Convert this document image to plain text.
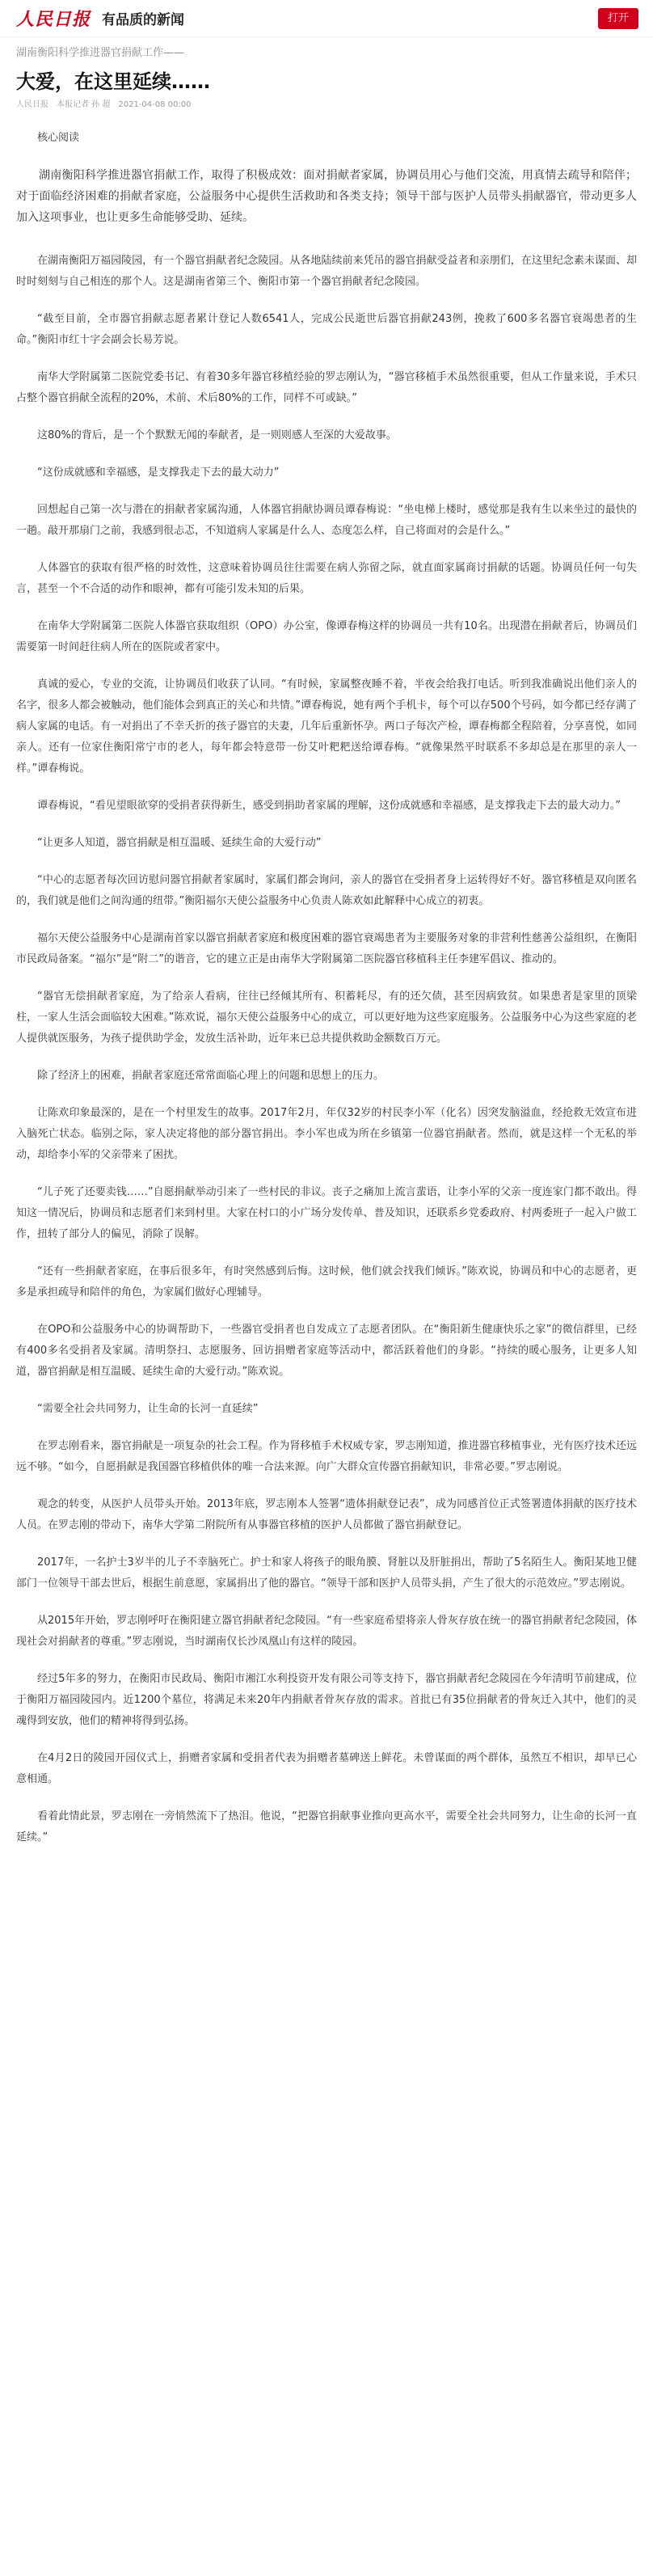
人民日报 有品质的新闻	打开
湖南衡阳科学推进器官捐献工作——
大爱，在这里延续……
人民日报 本报记者 孙 超 2021-04-08 00:00

核心阅读

湖南衡阳科学推进器官捐献工作，取得了积极成效：面对捐献者家属，协调员用心与他们交流，用真情去疏导和陪伴；对于面临经济困难的捐献者家庭，公益服务中心提供生活救助和各类支持；领导干部与医护人员带头捐献器官，带动更多人加入这项事业，也让更多生命能够受助、延续。

在湖南衡阳万福园陵园，有一个器官捐献者纪念陵园。从各地陆续前来凭吊的器官捐献受益者和亲朋们，在这里纪念素未谋面、却时时刻刻与自己相连的那个人。这是湖南省第三个、衡阳市第一个器官捐献者纪念陵园。

“截至目前，全市器官捐献志愿者累计登记人数6541人，完成公民逝世后器官捐献243例，挽救了600多名器官衰竭患者的生命。”衡阳市红十字会副会长易芳说。

南华大学附属第二医院党委书记、有着30多年器官移植经验的罗志刚认为，“器官移植手术虽然很重要，但从工作量来说，手术只占整个器官捐献全流程的20%，术前、术后80%的工作，同样不可或缺。”

这80%的背后，是一个个默默无闻的奉献者，是一则则感人至深的大爱故事。

“这份成就感和幸福感，是支撑我走下去的最大动力”

回想起自己第一次与潜在的捐献者家属沟通，人体器官捐献协调员谭春梅说：“坐电梯上楼时，感觉那是我有生以来坐过的最快的一趟。敲开那扇门之前，我感到很忐忑，不知道病人家属是什么人、态度怎么样，自己将面对的会是什么。”

人体器官的获取有很严格的时效性，这意味着协调员往往需要在病人弥留之际，就直面家属商讨捐献的话题。协调员任何一句失言，甚至一个不合适的动作和眼神，都有可能引发未知的后果。

在南华大学附属第二医院人体器官获取组织（OPO）办公室，像谭春梅这样的协调员一共有10名。出现潜在捐献者后，协调员们需要第一时间赶往病人所在的医院或者家中。

真诚的爱心，专业的交流，让协调员们收获了认同。“有时候，家属整夜睡不着，半夜会给我打电话。听到我准确说出他们亲人的名字，很多人都会被触动，他们能体会到真正的关心和共情。”谭春梅说，她有两个手机卡，每个可以存500个号码，如今都已经存满了病人家属的电话。有一对捐出了不幸夭折的孩子器官的夫妻，几年后重新怀孕。两口子每次产检，谭春梅都全程陪着，分享喜悦，如同亲人。还有一位家住衡阳常宁市的老人，每年都会特意带一份艾叶粑粑送给谭春梅。“就像果然平时联系不多却总是在那里的亲人一样。”谭春梅说。

谭春梅说，“看见望眼欲穿的受捐者获得新生，感受到捐助者家属的理解，这份成就感和幸福感，是支撑我走下去的最大动力。”

“让更多人知道，器官捐献是相互温暖、延续生命的大爱行动”

“中心的志愿者每次回访慰问器官捐献者家属时，家属们都会询问，亲人的器官在受捐者身上运转得好不好。器官移植是双向匿名的，我们就是他们之间沟通的纽带。”衡阳福尔天使公益服务中心负责人陈欢如此解释中心成立的初衷。

福尔天使公益服务中心是湖南首家以器官捐献者家庭和极度困难的器官衰竭患者为主要服务对象的非营利性慈善公益组织，在衡阳市民政局备案。“福尔”是“附二”的谐音，它的建立正是由南华大学附属第二医院器官移植科主任李建军倡议、推动的。

“器官无偿捐献者家庭，为了给亲人看病，往往已经倾其所有、积蓄耗尽，有的还欠债，甚至因病致贫。如果患者是家里的顶梁柱，一家人生活会面临较大困难。”陈欢说，福尔天使公益服务中心的成立，可以更好地为这些家庭服务。公益服务中心为这些家庭的老人提供就医服务，为孩子提供助学金，发放生活补助，近年来已总共提供救助金额数百万元。

除了经济上的困难，捐献者家庭还常常面临心理上的问题和思想上的压力。

让陈欢印象最深的，是在一个村里发生的故事。2017年2月，年仅32岁的村民李小军（化名）因突发脑溢血，经抢救无效宣布进入脑死亡状态。临别之际，家人决定将他的部分器官捐出。李小军也成为所在乡镇第一位器官捐献者。然而，就是这样一个无私的举动，却给李小军的父亲带来了困扰。

“儿子死了还要卖钱……”自愿捐献举动引来了一些村民的非议。丧子之痛加上流言蜚语，让李小军的父亲一度连家门都不敢出。得知这一情况后，协调员和志愿者们来到村里。大家在村口的小广场分发传单、普及知识，还联系乡党委政府、村两委班子一起入户做工作，扭转了部分人的偏见，消除了误解。

“还有一些捐献者家庭，在事后很多年，有时突然感到后悔。这时候，他们就会找我们倾诉。”陈欢说，协调员和中心的志愿者，更多是承担疏导和陪伴的角色，为家属们做好心理辅导。

在OPO和公益服务中心的协调帮助下，一些器官受捐者也自发成立了志愿者团队。在“衡阳新生健康快乐之家”的微信群里，已经有400多名受捐者及家属。清明祭扫、志愿服务、回访捐赠者家庭等活动中，都活跃着他们的身影。“持续的暖心服务，让更多人知道，器官捐献是相互温暖、延续生命的大爱行动。”陈欢说。

“需要全社会共同努力，让生命的长河一直延续”

在罗志刚看来，器官捐献是一项复杂的社会工程。作为肾移植手术权威专家，罗志刚知道，推进器官移植事业，光有医疗技术还远远不够。“如今，自愿捐献是我国器官移植供体的唯一合法来源。向广大群众宣传器官捐献知识，非常必要。”罗志刚说。

观念的转变，从医护人员带头开始。2013年底，罗志刚本人签署“遗体捐献登记表”，成为同感首位正式签署遗体捐献的医疗技术人员。在罗志刚的带动下，南华大学第二附院所有从事器官移植的医护人员都做了器官捐献登记。

2017年，一名护士3岁半的儿子不幸脑死亡。护士和家人将孩子的眼角膜、肾脏以及肝脏捐出，帮助了5名陌生人。衡阳某地卫健部门一位领导干部去世后，根据生前意愿，家属捐出了他的器官。“领导干部和医护人员带头捐，产生了很大的示范效应。”罗志刚说。

从2015年开始，罗志刚呼吁在衡阳建立器官捐献者纪念陵园。“有一些家庭希望将亲人骨灰存放在统一的器官捐献者纪念陵园，体现社会对捐献者的尊重。”罗志刚说，当时湖南仅长沙凤凰山有这样的陵园。

经过5年多的努力，在衡阳市民政局、衡阳市湘江水利投资开发有限公司等支持下，器官捐献者纪念陵园在今年清明节前建成，位于衡阳万福园陵园内。近1200个墓位，将满足未来20年内捐献者骨灰存放的需求。首批已有35位捐献者的骨灰迁入其中，他们的灵魂得到安放，他们的精神将得到弘扬。

在4月2日的陵园开园仪式上，捐赠者家属和受捐者代表为捐赠者墓碑送上鲜花。未曾谋面的两个群体，虽然互不相识，却早已心意相通。

看着此情此景，罗志刚在一旁悄然流下了热泪。他说，“把器官捐献事业推向更高水平，需要全社会共同努力，让生命的长河一直延续。”
